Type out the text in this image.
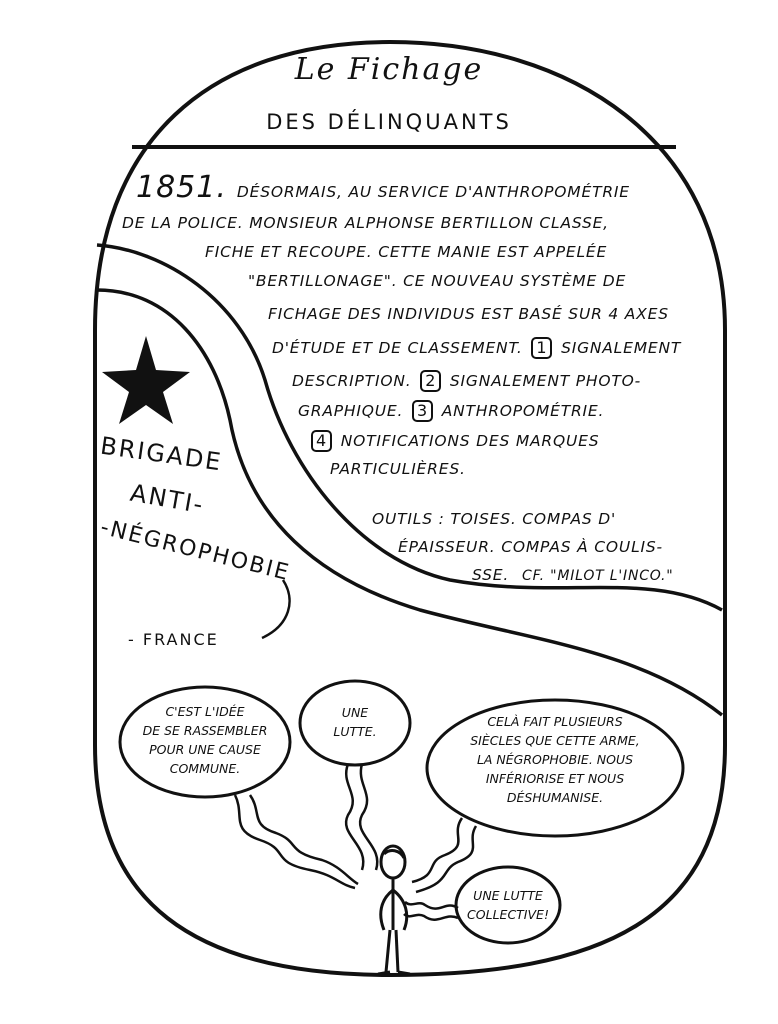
Le Fichage
DES DÉLINQUANTS
1851. DÉSORMAIS, AU SERVICE D'ANTHROPOMÉTRIE
DE LA POLICE. MONSIEUR ALPHONSE BERTILLON CLASSE,
FICHE ET RECOUPE. CETTE MANIE EST APPELÉE
"BERTILLONAGE". CE NOUVEAU SYSTÈME DE
FICHAGE DES INDIVIDUS EST BASÉ SUR 4 AXES
D'ÉTUDE ET DE CLASSEMENT. 1 SIGNALEMENT
DESCRIPTION. 2 SIGNALEMENT PHOTO-
GRAPHIQUE. 3 ANTHROPOMÉTRIE.
4 NOTIFICATIONS DES MARQUES
PARTICULIÈRES.
OUTILS : TOISES. COMPAS D'
ÉPAISSEUR. COMPAS À COULIS-
SSE. CF. "MILOT L'INCO."
BRIGADE
ANTI-
-NÉGROPHOBIE
- FRANCE
C'EST L'IDÉE
DE SE RASSEMBLER
POUR UNE CAUSE
COMMUNE.
UNE
LUTTE.
CELÀ FAIT PLUSIEURS
SIÈCLES QUE CETTE ARME,
LA NÉGROPHOBIE. NOUS
INFÉRIORISE ET NOUS
DÉSHUMANISE.
UNE LUTTE
COLLECTIVE!
